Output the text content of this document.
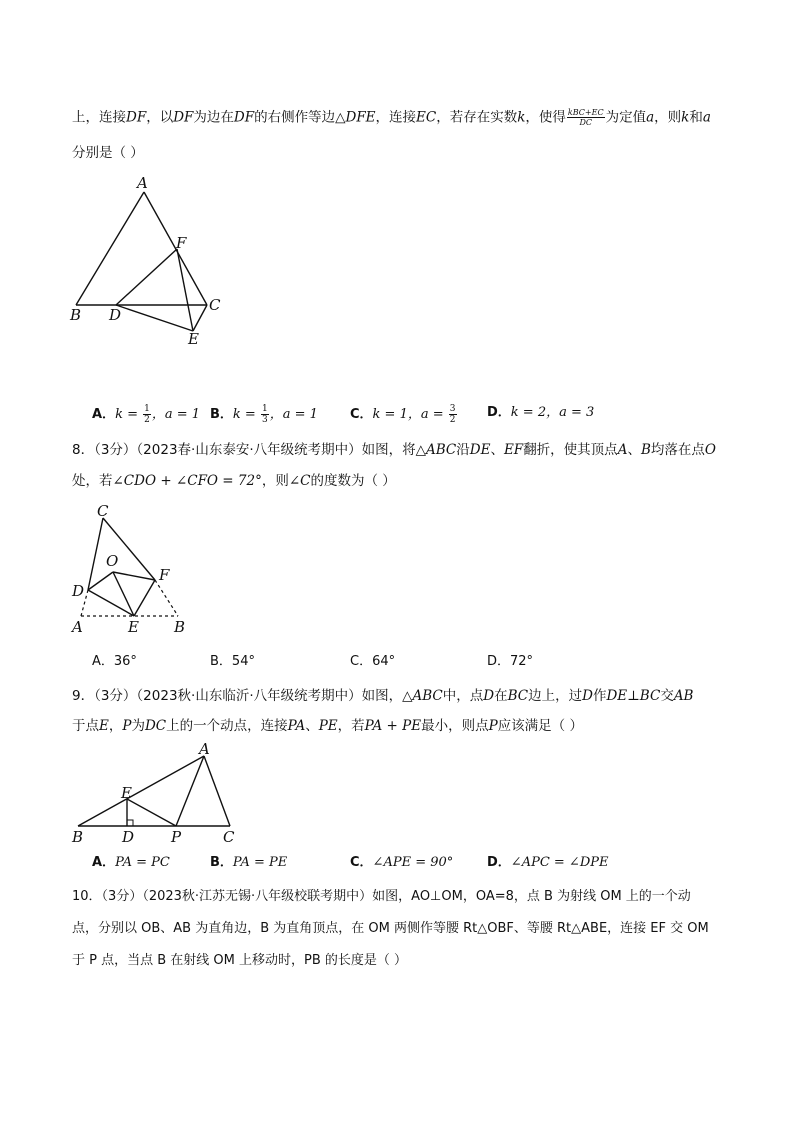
上，连接DF，以DF为边在DF的右侧作等边△DFE，连接EC，若存在实数k，使得 $\frac{\text{kBC+EC}}{DC}$ 为定值a，则k和a
分别是（ ）
A
F
C
B D
E
A．$k = \frac{1}{2}$，a = 1 B．$k = \frac{1}{3}$，a = 1 C．k = 1，$a = \frac{3}{2}$ D．k = 2，a = 3
8．（3分）（2023春·山东泰安·八年级统考期中）如图，将△ABC沿DE、EF翻折，使其顶点A、B均落在点O
处，若∠CDO + ∠CFO = 72°，则∠C的度数为（ ）
C
O
F
D
A	E B
A．36°	B．54°	C．64°	D．72°
9．（3分）（2023秋·山东临沂·八年级统考期中）如图，△ABC中，点D在BC边上，过D作DE⊥BC交AB
于点E，P为DC上的一个动点，连接PA、PE，若PA + PE最小，则点P应该满足（ ）
A
E
B	D P	C
A．PA = PC	B．PA = PE	C．∠APE = 90°	D．∠APC = ∠DPE
10．（3分）（2023秋·江苏无锡·八年级校联考期中）如图，AO⊥OM，OA=8，点 B 为射线 OM 上的一个动
点，分别以 OB、AB 为直角边，B 为直角顶点，在 OM 两侧作等腰 Rt△OBF、等腰 Rt△ABE，连接 EF 交 OM
于 P 点，当点 B 在射线 OM 上移动时，PB 的长度是（ ）
